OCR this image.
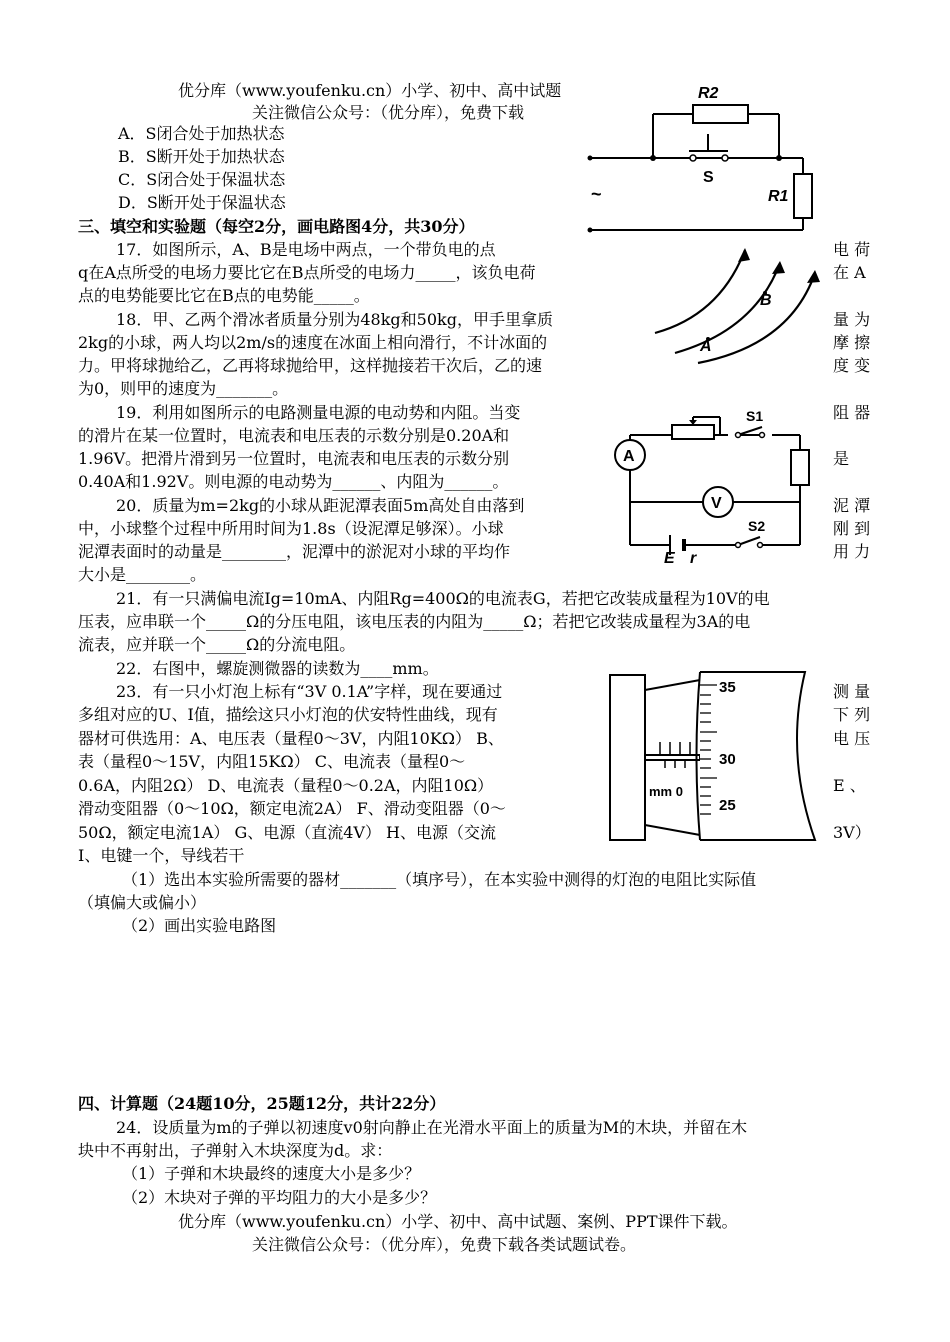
优分库（www.youfenku.cn）小学、初中、高中试题
关注微信公众号：（优分库），免费下载
A．S闭合处于加热状态
B．S断开处于加热状态
C．S闭合处于保温状态
D．S断开处于保温状态
三、填空和实验题（每空2分，画电路图4分，共30分）
17．如图所示，A、B是电场中两点，一个带负电的点	电 荷
q在A点所受的电场力要比它在B点所受的电场力_____，该负电荷	在 A
点的电势能要比它在B点的电势能_____。
18．甲、乙两个滑冰者质量分别为48kg和50kg，甲手里拿质	量 为
2kg的小球，两人均以2m/s的速度在冰面上相向滑行，不计冰面的	摩 擦
力。甲将球抛给乙，乙再将球抛给甲，这样抛接若干次后，乙的速	度 变
为0，则甲的速度为_______。
19．利用如图所示的电路测量电源的电动势和内阻。当变	阻 器
的滑片在某一位置时，电流表和电压表的示数分别是0.20A和
1.96V。把滑片滑到另一位置时，电流表和电压表的示数分别	是
0.40A和1.92V。则电源的电动势为______、内阻为______。
20．质量为m=2kg的小球从距泥潭表面5m高处自由落到	泥 潭
中，小球整个过程中所用时间为1.8s（设泥潭足够深）。小球	刚 到
泥潭表面时的动量是________，泥潭中的淤泥对小球的平均作	用 力
大小是________。
21．有一只满偏电流Ig=10mA、内阻Rg=400Ω的电流表G，若把它改装成量程为10V的电
压表，应串联一个_____Ω的分压电阻，该电压表的内阻为_____Ω；若把它改装成量程为3A的电
流表，应并联一个_____Ω的分流电阻。
22．右图中，螺旋测微器的读数为____mm。
23．有一只小灯泡上标有“3V 0.1A”字样，现在要通过	测 量
多组对应的U、I值，描绘这只小灯泡的伏安特性曲线，现有	下 列
器材可供选用：A、电压表（量程0～3V，内阻10KΩ） B、	电 压
表（量程0～15V，内阻15KΩ） C、电流表（量程0～
0.6A，内阻2Ω） D、电流表（量程0～0.2A，内阻10Ω）	E 、
滑动变阻器（0～10Ω，额定电流2A） F、滑动变阻器（0～
50Ω，额定电流1A） G、电源（直流4V） H、电源（交流	3V）
I、电键一个，导线若干
（1）选出本实验所需要的器材_______（填序号），在本实验中测得的灯泡的电阻比实际值
（填偏大或偏小）
（2）画出实验电路图
四、计算题（24题10分，25题12分，共计22分）
24．设质量为m的子弹以初速度v0射向静止在光滑水平面上的质量为M的木块，并留在木
块中不再射出，子弹射入木块深度为d。求：
（1）子弹和木块最终的速度大小是多少？
（2）木块对子弹的平均阻力的大小是多少？
优分库（www.youfenku.cn）小学、初中、高中试题、案例、PPT课件下载。
关注微信公众号：（优分库），免费下载各类试题试卷。
R2
S
R1
~
B
A
A
V
S1
S2
E r
35
30
25
mm 0
